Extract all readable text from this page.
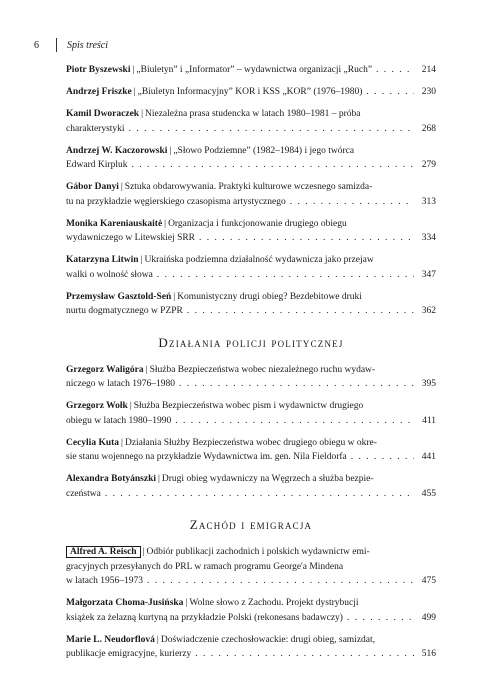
6	Spis treści
Piotr Byszewski | „Biuletyn” i „Informator” – wydawnictwa organizacji „Ruch” . . .	214
Andrzej Friszke | „Biuletyn Informacyjny” KOR i KSS „KOR” (1976–1980) . . .	230
Kamil Dworaczek | Niezależna prasa studencka w latach 1980–1981 – próba
charakterystyki . . .	268
Andrzej W. Kaczorowski | „Słowo Podziemne” (1982–1984) i jego twórca
Edward Kirpluk . . .	279
Gábor Danyi | Sztuka obdarowywania. Praktyki kulturowe wczesnego samizda-
tu na przykładzie węgierskiego czasopisma artystycznego . . .	313
Monika Kareniauskaitė | Organizacja i funkcjonowanie drugiego obiegu
wydawniczego w Litewskiej SRR . . .	334
Katarzyna Litwin | Ukraińska podziemna działalność wydawnicza jako przejaw
walki o wolność słowa . . .	347
Przemysław Gasztold-Seń | Komunistyczny drugi obieg? Bezdebitowe druki
nurtu dogmatycznego w PZPR . . .	362
Działania policji politycznej
Grzegorz Waligóra | Służba Bezpieczeństwa wobec niezależnego ruchu wydaw-
niczego w latach 1976–1980 . . .	395
Grzegorz Wołk | Służba Bezpieczeństwa wobec pism i wydawnictw drugiego
obiegu w latach 1980–1990 . . .	411
Cecylia Kuta | Działania Służby Bezpieczeństwa wobec drugiego obiegu w okre-
sie stanu wojennego na przykładzie Wydawnictwa im. gen. Nila Fieldorfa . . .	441
Alexandra Botyánszki | Drugi obieg wydawniczy na Węgrzech a służba bezpie-
czeństwa . . .	455
Zachód i emigracja
Alfred A. Reisch | Odbiór publikacji zachodnich i polskich wydawnictw emi-
gracyjnych przesyłanych do PRL w ramach programu George'a Mindena
w latach 1956–1973 . . .	475
Małgorzata Choma-Jusińska | Wolne słowo z Zachodu. Projekt dystrybucji
książek za żelazną kurtyną na przykładzie Polski (rekonesans badawczy) . . .	499
Marie L. Neudorflová | Doświadczenie czechosłowackie: drugi obieg, samizdat,
publikacje emigracyjne, kurierzy . . .	516
